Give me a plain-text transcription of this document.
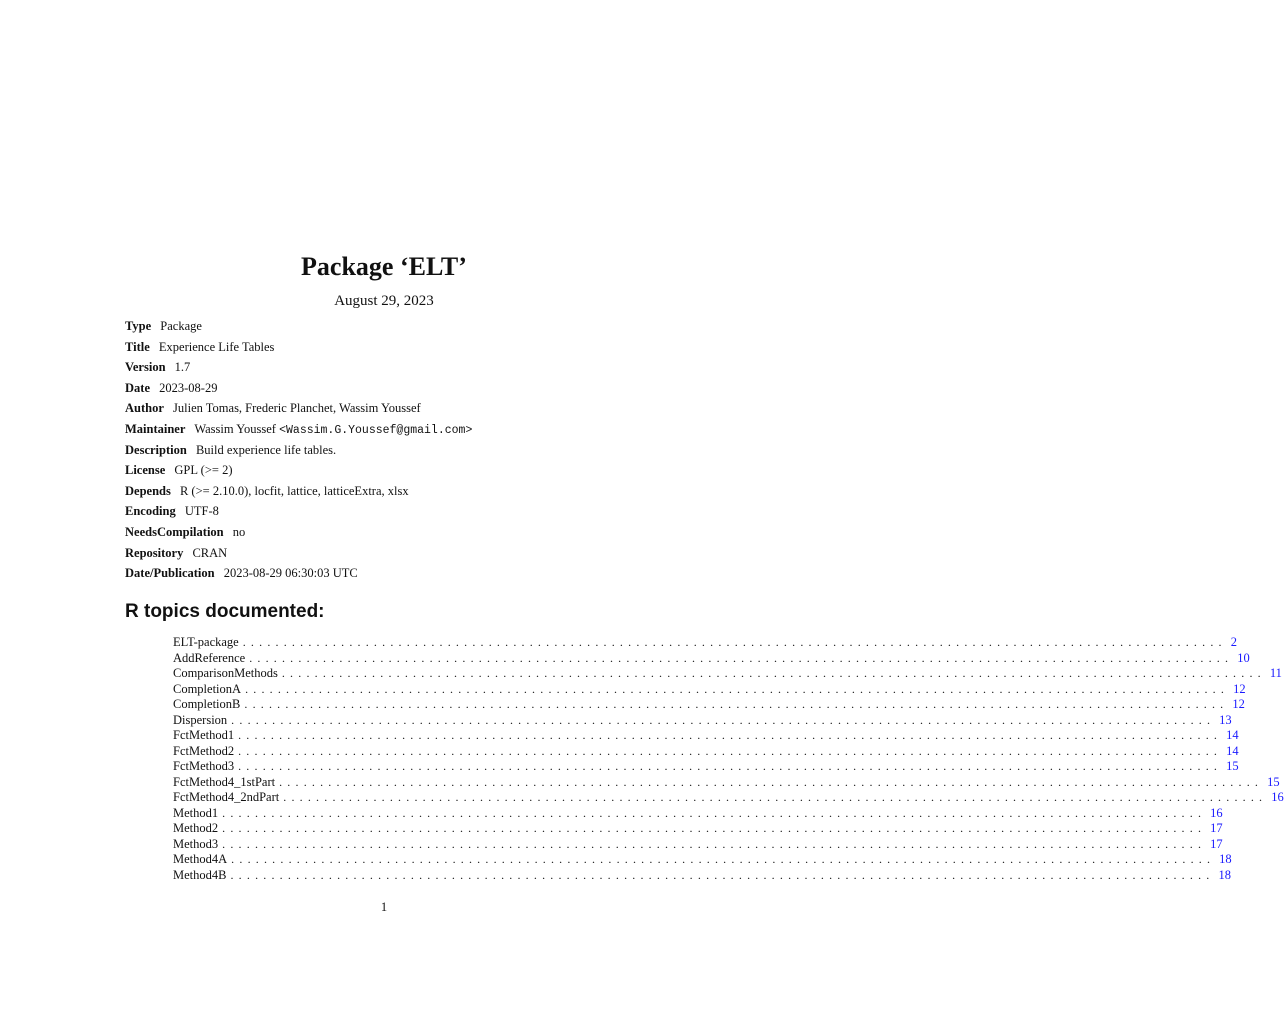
Package ‘ELT’

August 29, 2023

Type Package
Title Experience Life Tables
Version 1.7
Date 2023-08-29
Author Julien Tomas, Frederic Planchet, Wassim Youssef
Maintainer Wassim Youssef <Wassim.G.Youssef@gmail.com>
Description Build experience life tables.
License GPL (>= 2)
Depends R (>= 2.10.0), locfit, lattice, latticeExtra, xlsx
Encoding UTF-8
NeedsCompilation no
Repository CRAN
Date/Publication 2023-08-29 06:30:03 UTC
R topics documented:
ELT-package ........................................................................................................................ 2
AddReference ........................................................................................................................ 10
ComparisonMethods ........................................................................................................................ 11
CompletionA ........................................................................................................................ 12
CompletionB ........................................................................................................................ 12
Dispersion ........................................................................................................................ 13
FctMethod1 ........................................................................................................................ 14
FctMethod2 ........................................................................................................................ 14
FctMethod3 ........................................................................................................................ 15
FctMethod4_1stPart ........................................................................................................................ 15
FctMethod4_2ndPart ........................................................................................................................ 16
Method1 ........................................................................................................................ 16
Method2 ........................................................................................................................ 17
Method3 ........................................................................................................................ 17
Method4A ........................................................................................................................ 18
Method4B ........................................................................................................................ 18

1
